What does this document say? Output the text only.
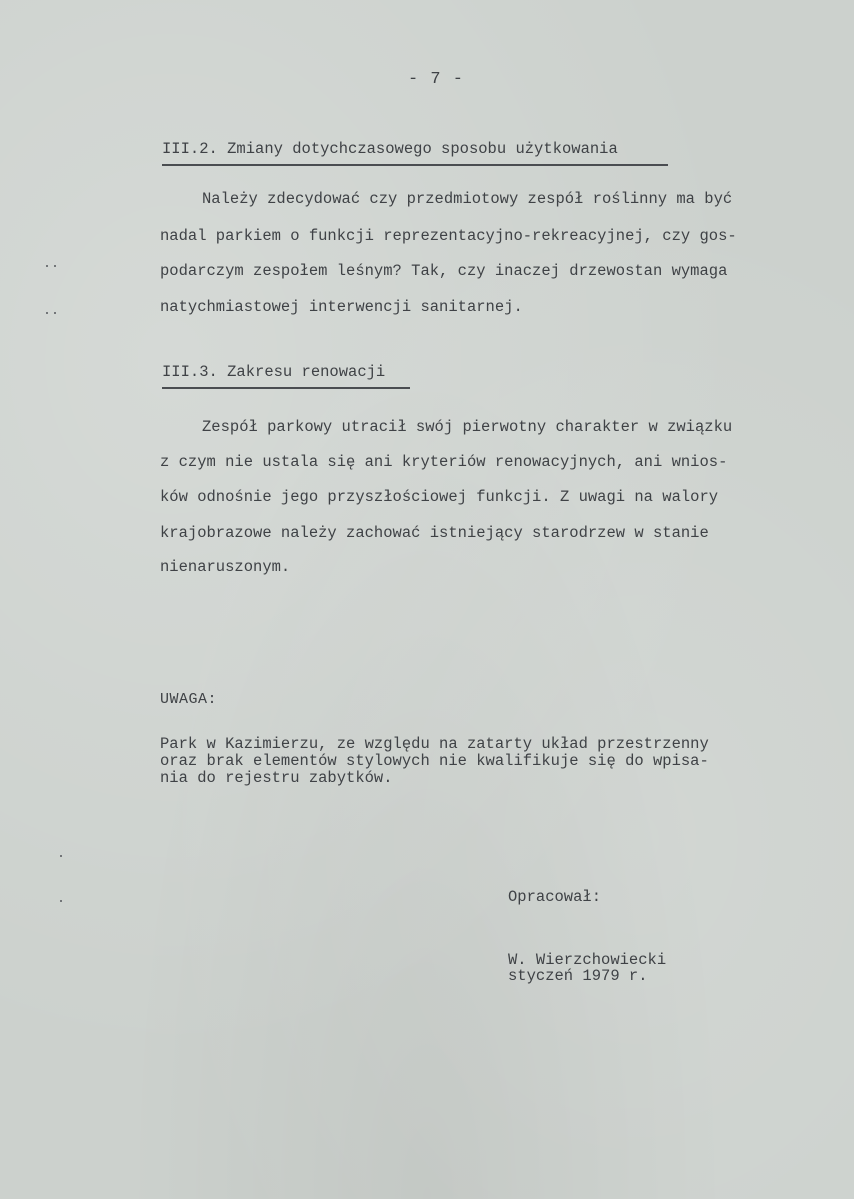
- 7 -
III.2. Zmiany dotychczasowego sposobu użytkowania
Należy zdecydować czy przedmiotowy zespół roślinny ma być
nadal parkiem o funkcji reprezentacyjno-rekreacyjnej, czy gos-
podarczym zespołem leśnym? Tak, czy inaczej drzewostan wymaga
natychmiastowej interwencji sanitarnej.
III.3. Zakresu renowacji
Zespół parkowy utracił swój pierwotny charakter w związku
z czym nie ustala się ani kryteriów renowacyjnych, ani wnios-
ków odnośnie jego przyszłościowej funkcji. Z uwagi na walory
krajobrazowe należy zachować istniejący starodrzew w stanie
nienaruszonym.
UWAGA:
Park w Kazimierzu, ze względu na zatarty układ przestrzenny
oraz brak elementów stylowych nie kwalifikuje się do wpisa-
nia do rejestru zabytków.
Opracował:
W. Wierzchowiecki
styczeń 1979 r.
